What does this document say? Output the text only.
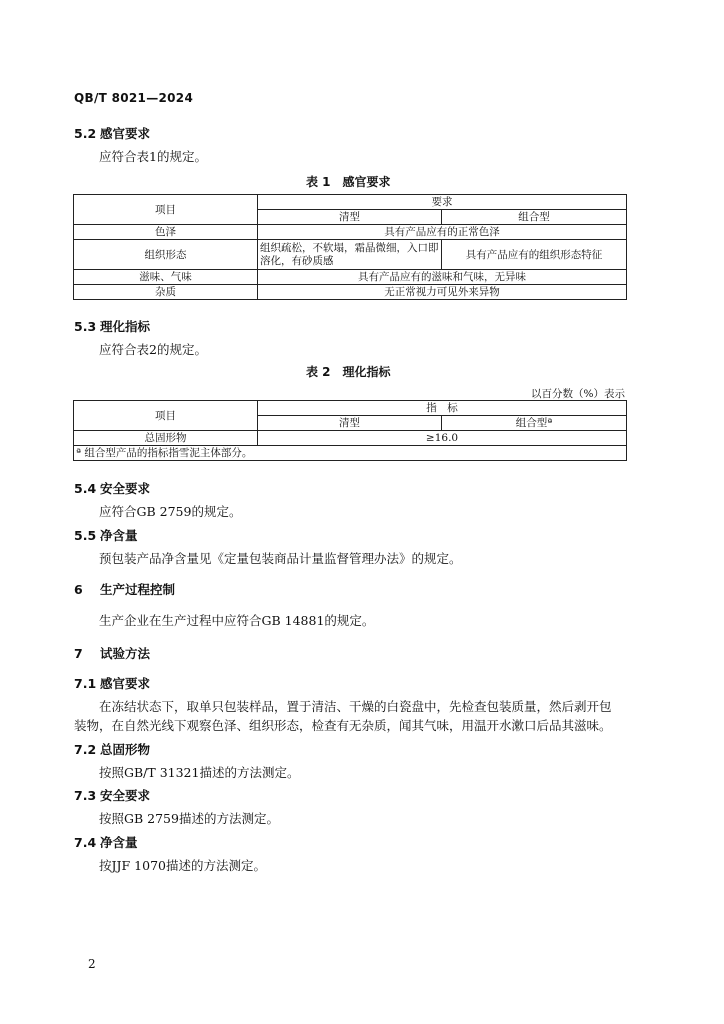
QB/T 8021—2024
5.2 感官要求
应符合表1的规定。
表 1　感官要求
项目	要求	
	清型	组合型
色泽	具有产品应有的正常色泽	
组织形态	组织疏松，不软塌，霜晶微细，入口即溶化，有砂质感	具有产品应有的组织形态特征
滋味、气味	具有产品应有的滋味和气味，无异味	
杂质	无正常视力可见外来异物	
5.3 理化指标
应符合表2的规定。
表 2　理化指标
以百分数（%）表示
项目	指　标	
	清型	组合型ª
总固形物	≥16.0	
ª 组合型产品的指标指雪泥主体部分。		
5.4 安全要求
应符合GB 2759的规定。
5.5 净含量
预包装产品净含量见《定量包装商品计量监督管理办法》的规定。
6 生产过程控制
生产企业在生产过程中应符合GB 14881的规定。
7 试验方法
7.1 感官要求
在冻结状态下，取单只包装样品，置于清洁、干燥的白瓷盘中，先检查包装质量，然后剥开包
装物，在自然光线下观察色泽、组织形态，检查有无杂质，闻其气味，用温开水漱口后品其滋味。
7.2 总固形物
按照GB/T 31321描述的方法测定。
7.3 安全要求
按照GB 2759描述的方法测定。
7.4 净含量
按JJF 1070描述的方法测定。
2
